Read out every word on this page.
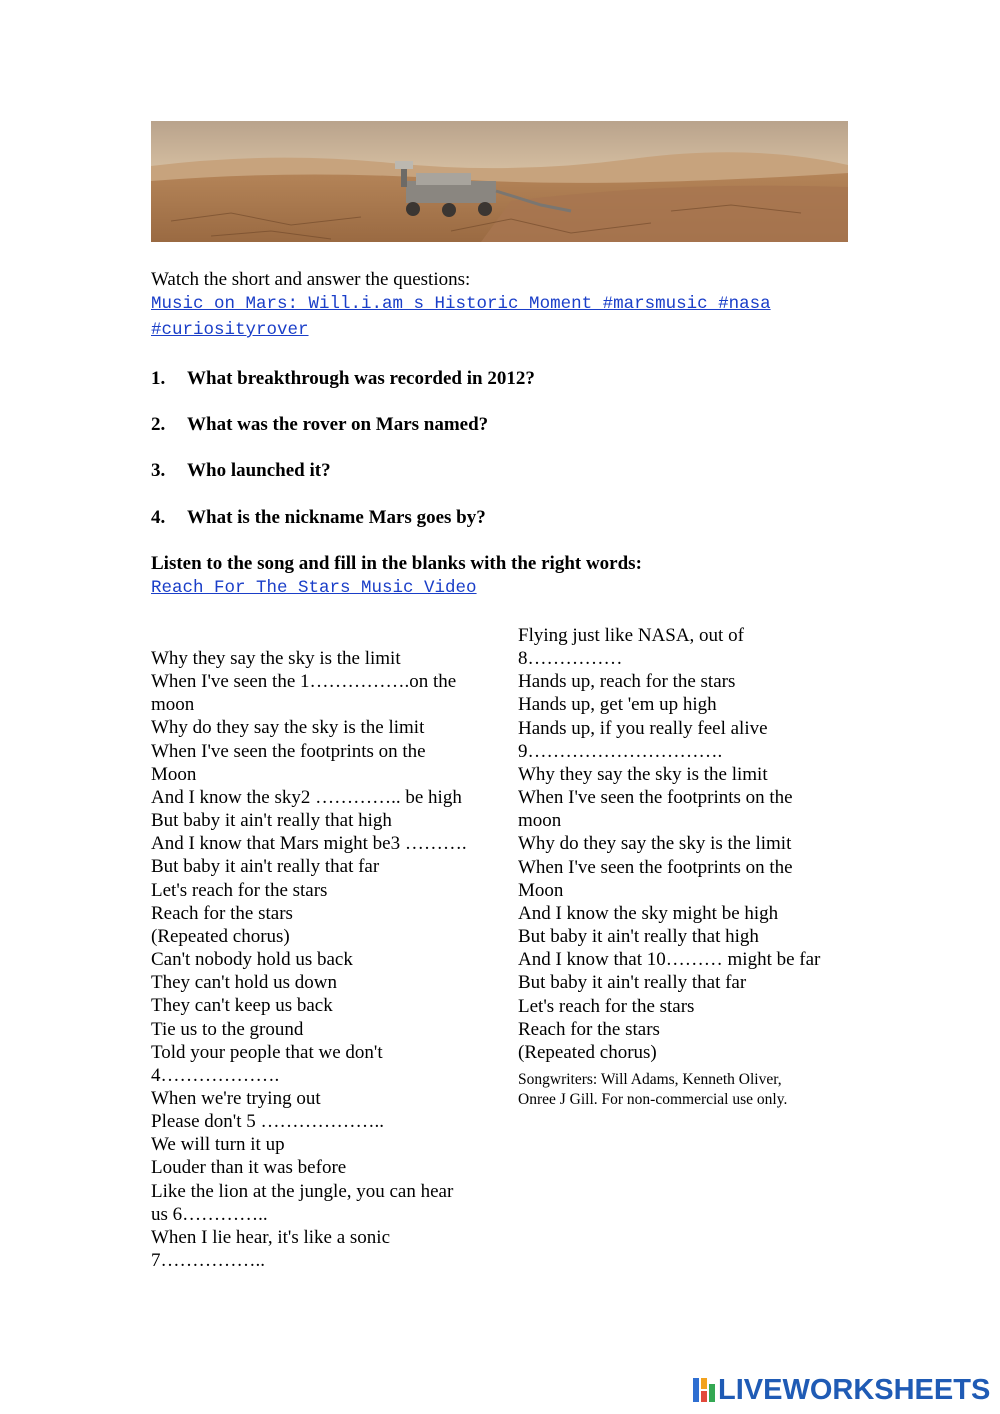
Watch the short and answer the questions:
Music on Mars: Will.i.am s Historic Moment #marsmusic #nasa
#curiosityrover
1. What breakthrough was recorded in 2012?
2. What was the rover on Mars named?
3. Who launched it?
4. What is the nickname Mars goes by?
Listen to the song and fill in the blanks with the right words:
Reach For The Stars Music Video
Why they say the sky is the limit
When I've seen the 1…………….on the
moon
Why do they say the sky is the limit
When I've seen the footprints on the
Moon
And I know the sky2 ………….. be high
But baby it ain't really that high
And I know that Mars might be3 ……….
But baby it ain't really that far
Let's reach for the stars
Reach for the stars
(Repeated chorus)
Can't nobody hold us back
They can't hold us down
They can't keep us back
Tie us to the ground
Told your people that we don't
4……………….
When we're trying out
Please don't 5 ………………..
We will turn it up
Louder than it was before
Like the lion at the jungle, you can hear
us 6…………..
When I lie hear, it's like a sonic
7……………..
Flying just like NASA, out of
8……………
Hands up, reach for the stars
Hands up, get 'em up high
Hands up, if you really feel alive
9………………………….
Why they say the sky is the limit
When I've seen the footprints on the
moon
Why do they say the sky is the limit
When I've seen the footprints on the
Moon
And I know the sky might be high
But baby it ain't really that high
And I know that 10……… might be far
But baby it ain't really that far
Let's reach for the stars
Reach for the stars
(Repeated chorus)
Songwriters: Will Adams, Kenneth Oliver,
Onree J Gill. For non-commercial use only.
LIVEWORKSHEETS
